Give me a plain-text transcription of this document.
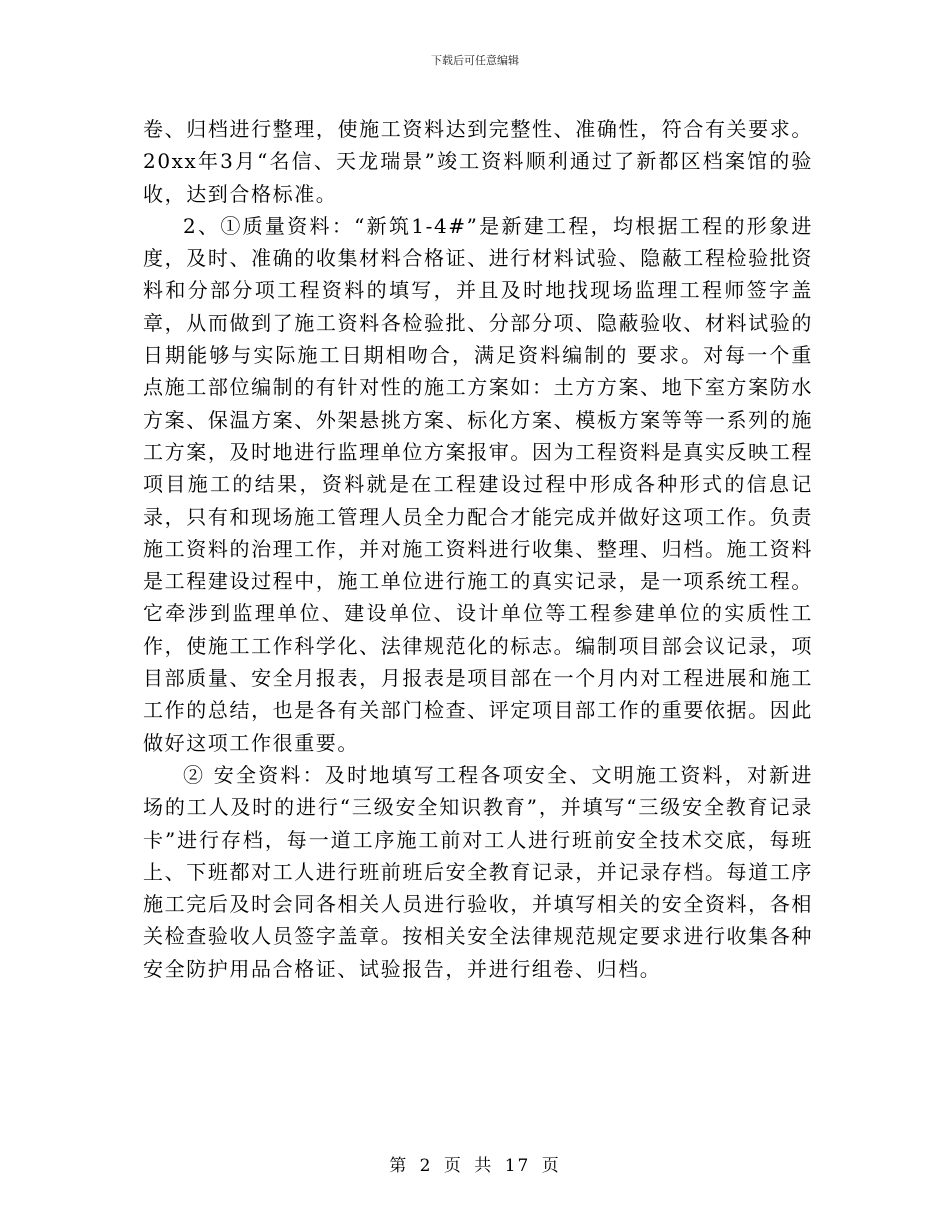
下载后可任意编辑

卷、归档进行整理，使施工资料达到完整性、准确性，符合有关要求。20xx年3月“名信、天龙瑞景”竣工资料顺利通过了新都区档案馆的验收，达到合格标准。

2、①质量资料：“新筑1-4#”是新建工程，均根据工程的形象进度，及时、准确的收集材料合格证、进行材料试验、隐蔽工程检验批资料和分部分项工程资料的填写，并且及时地找现场监理工程师签字盖章，从而做到了施工资料各检验批、分部分项、隐蔽验收、材料试验的日期能够与实际施工日期相吻合，满足资料编制的 要求。对每一个重点施工部位编制的有针对性的施工方案如：土方方案、地下室方案防水方案、保温方案、外架悬挑方案、标化方案、模板方案等等一系列的施工方案，及时地进行监理单位方案报审。因为工程资料是真实反映工程项目施工的结果，资料就是在工程建设过程中形成各种形式的信息记录，只有和现场施工管理人员全力配合才能完成并做好这项工作。负责施工资料的治理工作，并对施工资料进行收集、整理、归档。施工资料是工程建设过程中，施工单位进行施工的真实记录，是一项系统工程。它牵涉到监理单位、建设单位、设计单位等工程参建单位的实质性工作，使施工工作科学化、法律规范化的标志。编制项目部会议记录，项目部质量、安全月报表，月报表是项目部在一个月内对工程进展和施工工作的总结，也是各有关部门检查、评定项目部工作的重要依据。因此做好这项工作很重要。

② 安全资料：及时地填写工程各项安全、文明施工资料，对新进场的工人及时的进行“三级安全知识教育”，并填写“三级安全教育记录卡”进行存档，每一道工序施工前对工人进行班前安全技术交底，每班上、下班都对工人进行班前班后安全教育记录，并记录存档。每道工序施工完后及时会同各相关人员进行验收，并填写相关的安全资料，各相关检查验收人员签字盖章。按相关安全法律规范规定要求进行收集各种安全防护用品合格证、试验报告，并进行组卷、归档。

第 2 页 共 17 页
